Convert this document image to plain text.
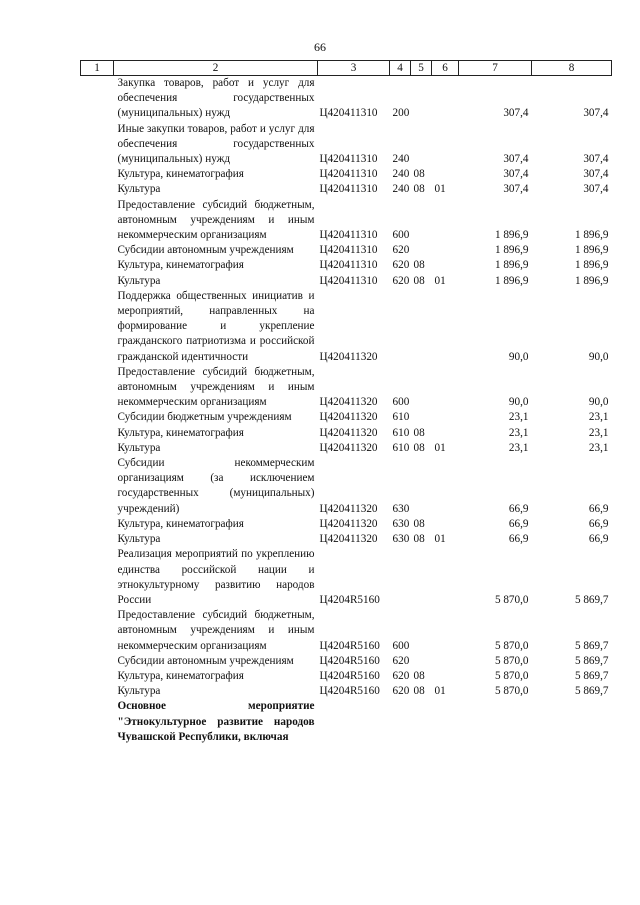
66
1	2	3	4	5	6	7	8
	Закупка товаров, работ и услуг для обеспечения государственных (муниципальных) нужд	Ц420411310	200			307,4	307,4
	Иные закупки товаров, работ и услуг для обеспечения государственных (муниципальных) нужд	Ц420411310	240			307,4	307,4
	Культура, кинематография	Ц420411310	240	08		307,4	307,4
	Культура	Ц420411310	240	08	01	307,4	307,4
	Предоставление субсидий бюджетным, автономным учреждениям и иным некоммерческим организациям	Ц420411310	600			1 896,9	1 896,9
	Субсидии автономным учреждениям	Ц420411310	620			1 896,9	1 896,9
	Культура, кинематография	Ц420411310	620	08		1 896,9	1 896,9
	Культура	Ц420411310	620	08	01	1 896,9	1 896,9
	Поддержка общественных инициатив и мероприятий, направленных на формирование и укрепление гражданского патриотизма и российской гражданской идентичности	Ц420411320				90,0	90,0
	Предоставление субсидий бюджетным, автономным учреждениям и иным некоммерческим организациям	Ц420411320	600			90,0	90,0
	Субсидии бюджетным учреждениям	Ц420411320	610			23,1	23,1
	Культура, кинематография	Ц420411320	610	08		23,1	23,1
	Культура	Ц420411320	610	08	01	23,1	23,1
	Субсидии некоммерческим организациям (за исключением государственных (муниципальных) учреждений)	Ц420411320	630			66,9	66,9
	Культура, кинематография	Ц420411320	630	08		66,9	66,9
	Культура	Ц420411320	630	08	01	66,9	66,9
	Реализация мероприятий по укреплению единства российской нации и этнокультурному развитию народов России	Ц4204R5160				5 870,0	5 869,7
	Предоставление субсидий бюджетным, автономным учреждениям и иным некоммерческим организациям	Ц4204R5160	600			5 870,0	5 869,7
	Субсидии автономным учреждениям	Ц4204R5160	620			5 870,0	5 869,7
	Культура, кинематография	Ц4204R5160	620	08		5 870,0	5 869,7
	Культура	Ц4204R5160	620	08	01	5 870,0	5 869,7
	Основное мероприятие "Этнокультурное развитие народов Чувашской Республики, включая						
